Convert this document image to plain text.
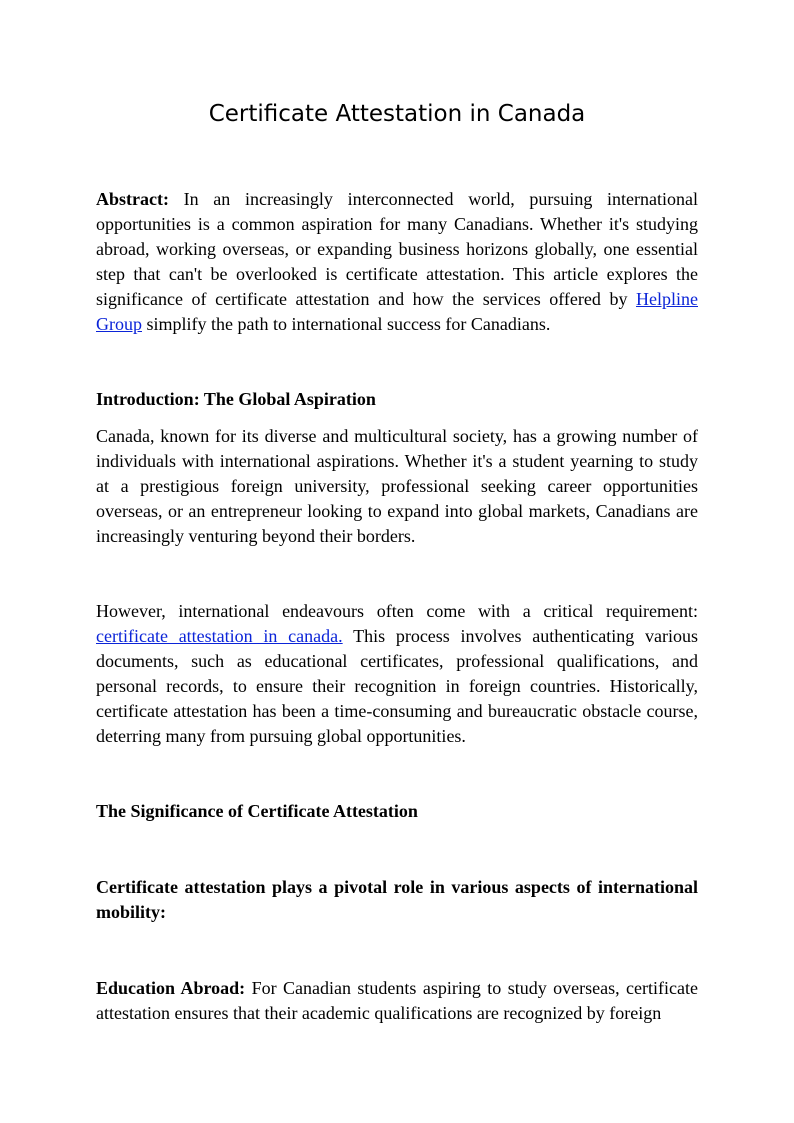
Certificate Attestation in Canada

Abstract: In an increasingly interconnected world, pursuing international opportunities is a common aspiration for many Canadians. Whether it's studying abroad, working overseas, or expanding business horizons globally, one essential step that can't be overlooked is certificate attestation. This article explores the significance of certificate attestation and how the services offered by Helpline Group simplify the path to international success for Canadians.

Introduction: The Global Aspiration

Canada, known for its diverse and multicultural society, has a growing number of individuals with international aspirations. Whether it's a student yearning to study at a prestigious foreign university, professional seeking career opportunities overseas, or an entrepreneur looking to expand into global markets, Canadians are increasingly venturing beyond their borders.

However, international endeavours often come with a critical requirement: certificate attestation in canada. This process involves authenticating various documents, such as educational certificates, professional qualifications, and personal records, to ensure their recognition in foreign countries. Historically, certificate attestation has been a time-consuming and bureaucratic obstacle course, deterring many from pursuing global opportunities.

The Significance of Certificate Attestation

Certificate attestation plays a pivotal role in various aspects of international mobility:

Education Abroad: For Canadian students aspiring to study overseas, certificate attestation ensures that their academic qualifications are recognized by foreign
